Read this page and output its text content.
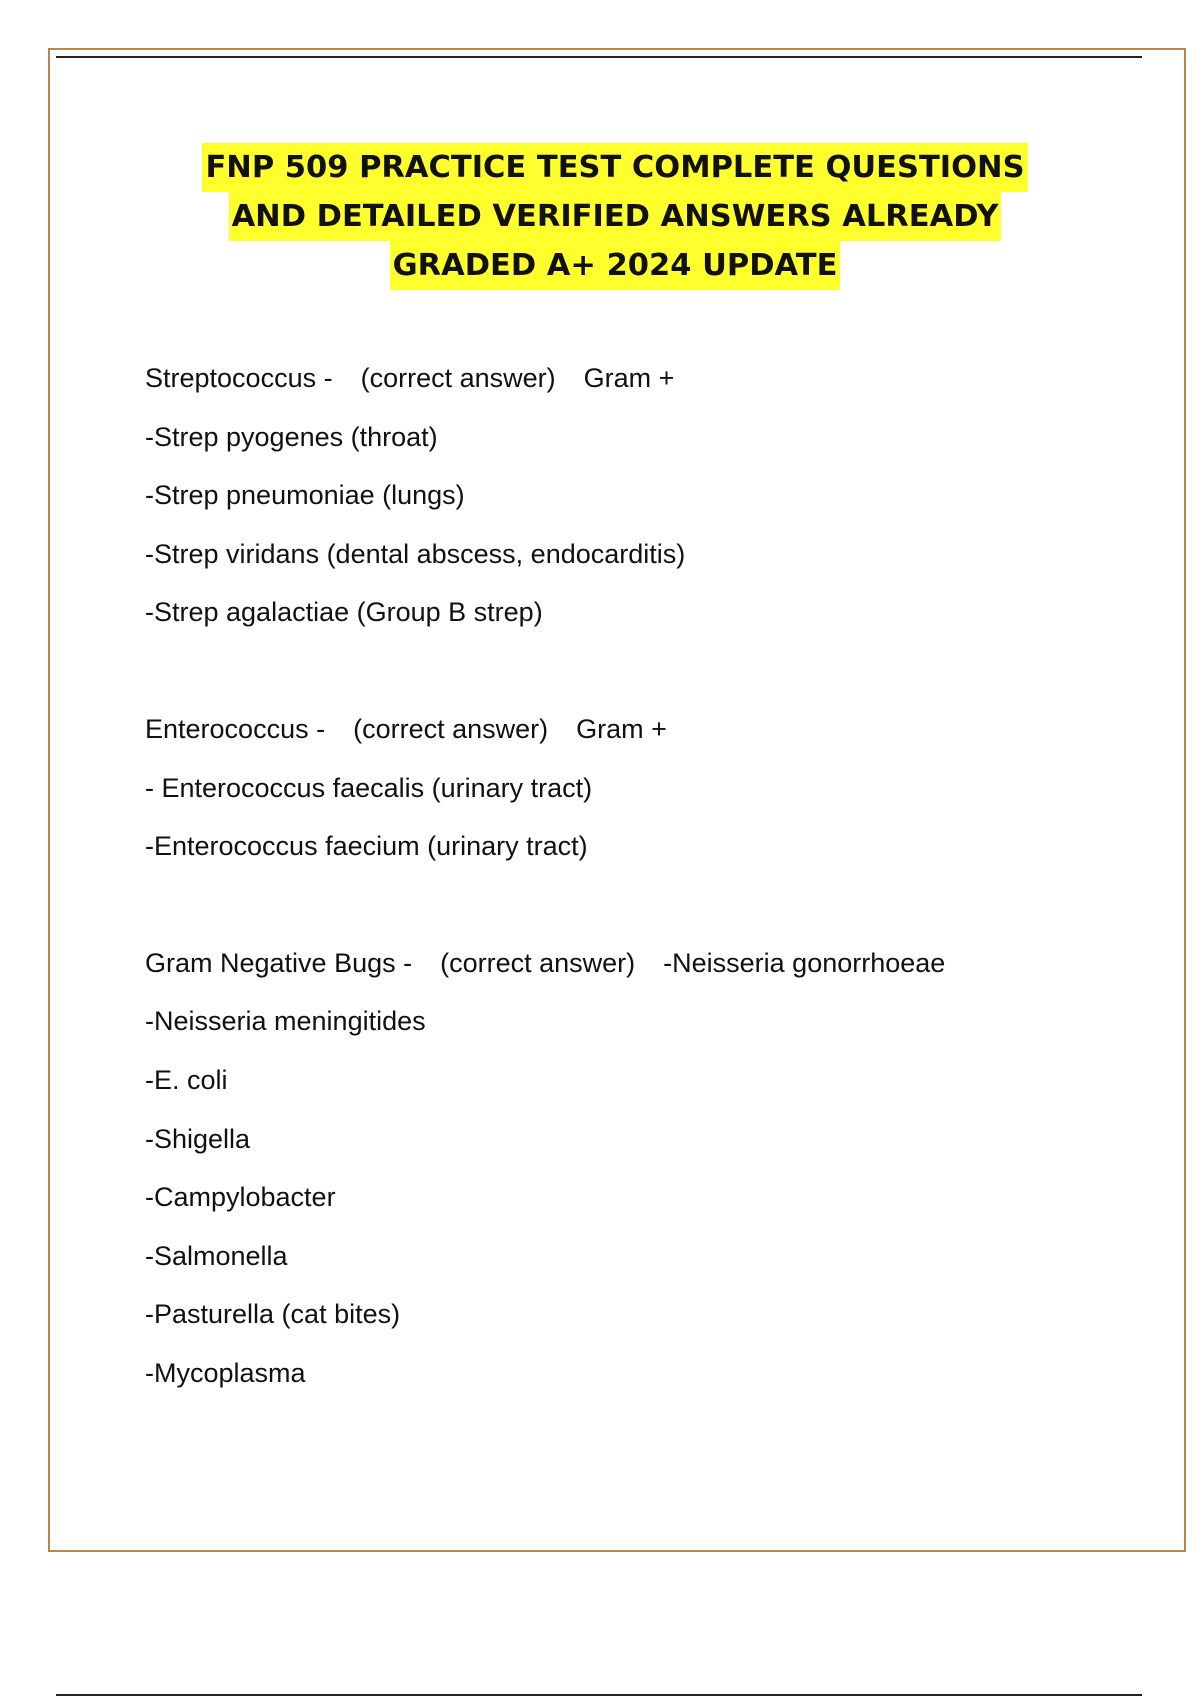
FNP 509 PRACTICE TEST COMPLETE QUESTIONS
AND DETAILED VERIFIED ANSWERS ALREADY
GRADED A+ 2024 UPDATE
Streptococcus - (correct answer) Gram +
-Strep pyogenes (throat)
-Strep pneumoniae (lungs)
-Strep viridans (dental abscess, endocarditis)
-Strep agalactiae (Group B strep)
Enterococcus - (correct answer) Gram +
- Enterococcus faecalis (urinary tract)
-Enterococcus faecium (urinary tract)
Gram Negative Bugs - (correct answer) -Neisseria gonorrhoeae
-Neisseria meningitides
-E. coli
-Shigella
-Campylobacter
-Salmonella
-Pasturella (cat bites)
-Mycoplasma
